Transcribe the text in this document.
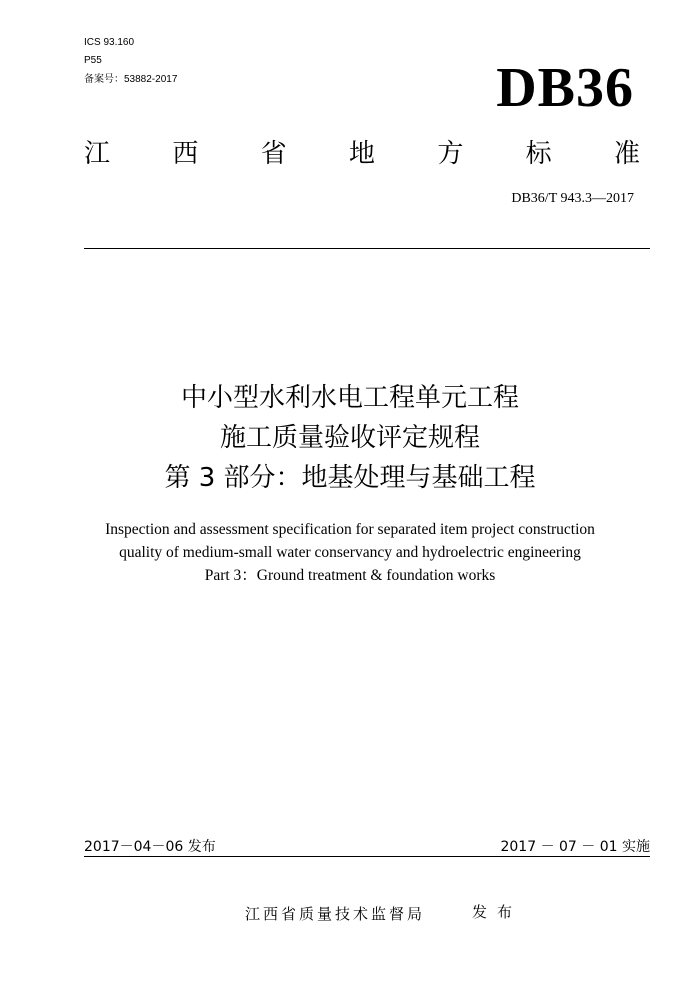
ICS 93.160
P55
备案号：53882-2017	DB36
江 西 省 地 方 标 准
DB36/T 943.3—2017
中小型水利水电工程单元工程
施工质量验收评定规程
第 3 部分：地基处理与基础工程
Inspection and assessment specification for separated item project construction
quality of medium-small water conservancy and hydroelectric engineering
Part 3：Ground treatment & foundation works
2017－04－06 发布	2017 － 07 － 01 实施
江西省质量技术监督局	发布
